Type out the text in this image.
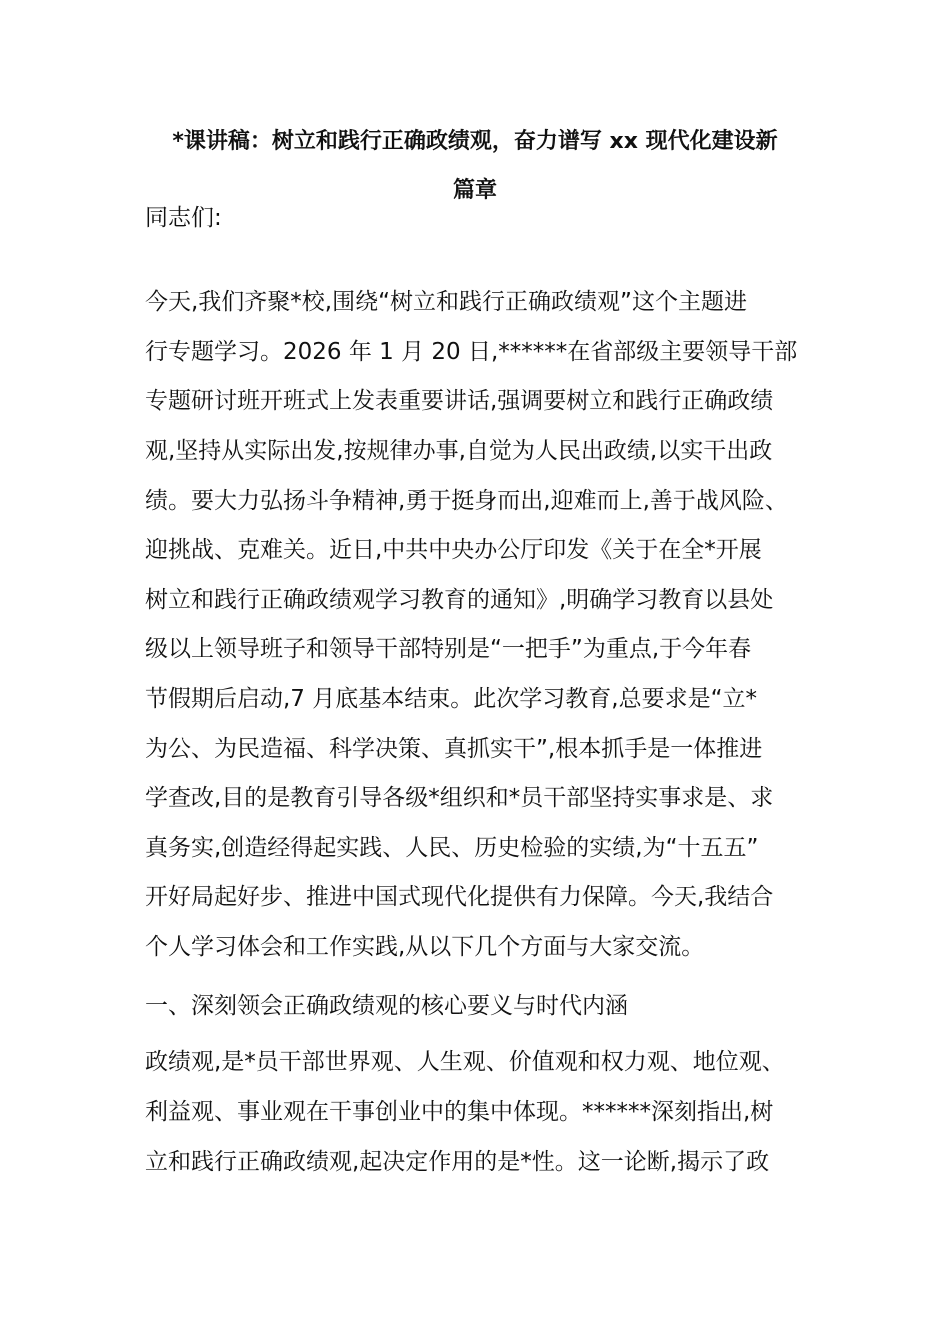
*课讲稿：树立和践行正确政绩观，奋力谱写 xx 现代化建设新
篇章
同志们:
今天,我们齐聚*校,围绕“树立和践行正确政绩观”这个主题进
行专题学习。2026 年 1 月 20 日,******在省部级主要领导干部
专题研讨班开班式上发表重要讲话,强调要树立和践行正确政绩
观,坚持从实际出发,按规律办事,自觉为人民出政绩,以实干出政
绩。要大力弘扬斗争精神,勇于挺身而出,迎难而上,善于战风险、
迎挑战、克难关。近日,中共中央办公厅印发《关于在全*开展
树立和践行正确政绩观学习教育的通知》,明确学习教育以县处
级以上领导班子和领导干部特别是“一把手”为重点,于今年春
节假期后启动,7 月底基本结束。此次学习教育,总要求是“立*
为公、为民造福、科学决策、真抓实干”,根本抓手是一体推进
学查改,目的是教育引导各级*组织和*员干部坚持实事求是、求
真务实,创造经得起实践、人民、历史检验的实绩,为“十五五”
开好局起好步、推进中国式现代化提供有力保障。今天,我结合
个人学习体会和工作实践,从以下几个方面与大家交流。
一、深刻领会正确政绩观的核心要义与时代内涵
政绩观,是*员干部世界观、人生观、价值观和权力观、地位观、
利益观、事业观在干事创业中的集中体现。******深刻指出,树
立和践行正确政绩观,起决定作用的是*性。这一论断,揭示了政
